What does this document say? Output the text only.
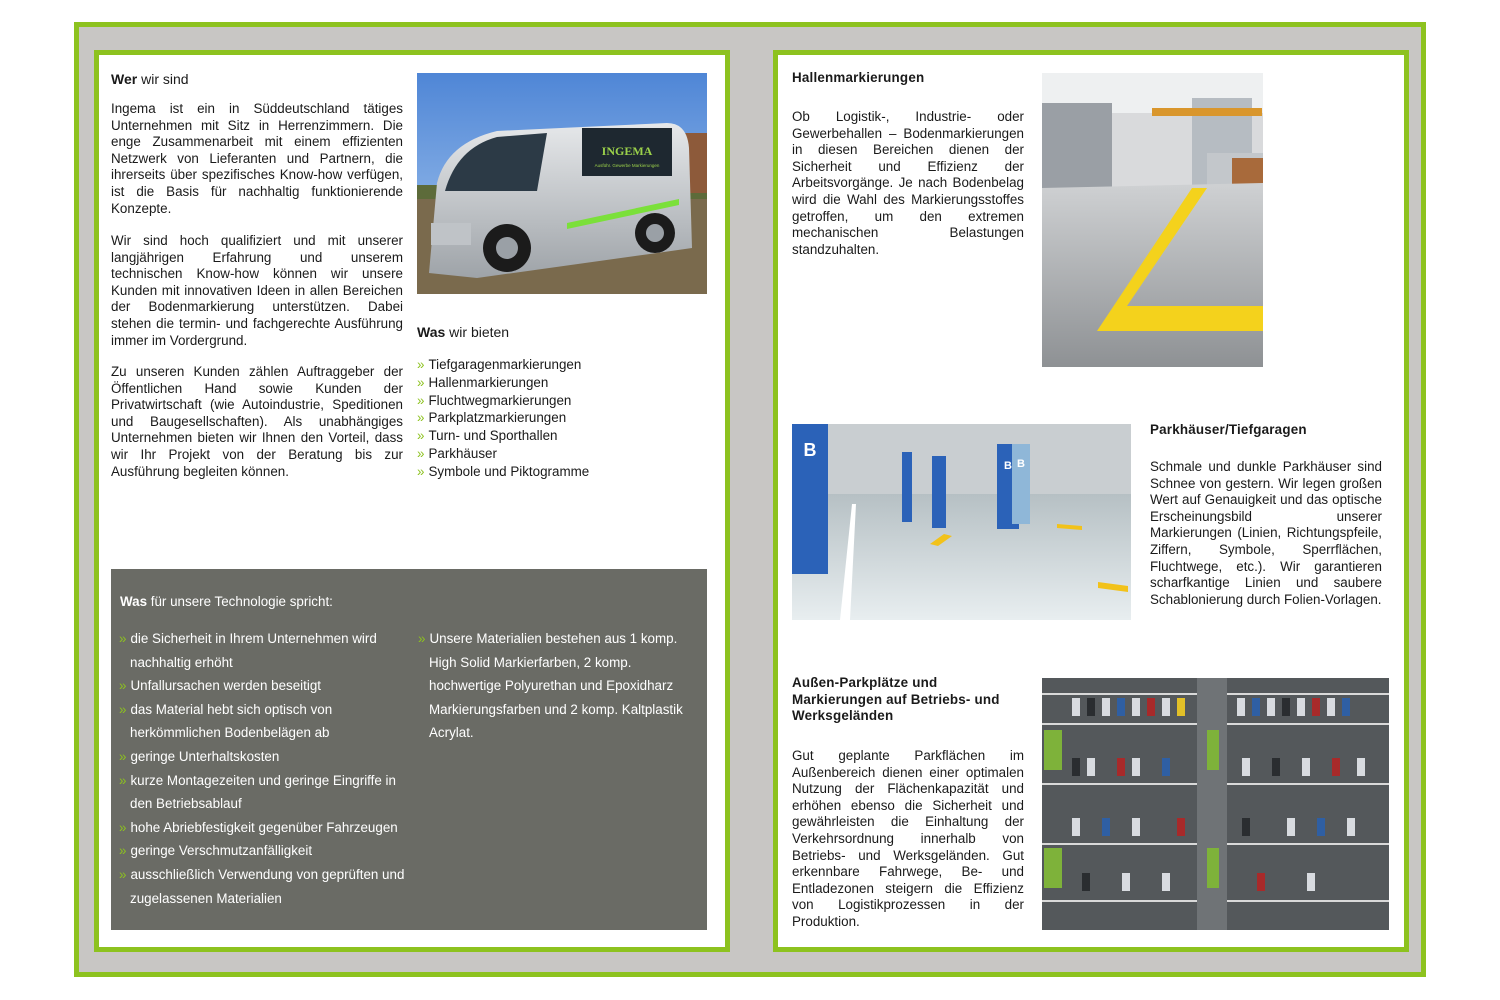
Wer wir sind

Ingema ist ein in Süddeutschland tätiges Unternehmen mit Sitz in Herrenzimmern. Die enge Zusammenarbeit mit einem effizienten Netzwerk von Lieferanten und Partnern, die ihrerseits über spezifisches Know-how verfügen, ist die Basis für nachhaltig funktionierende Konzepte.

Wir sind hoch qualifiziert und mit unserer langjährigen Erfahrung und unserem technischen Know-how können wir unsere Kunden mit innovativen Ideen in allen Bereichen der Bodenmarkierung unterstützen. Dabei stehen die termin- und fachgerechte Ausführung immer im Vordergrund.

Zu unseren Kunden zählen Auftraggeber der Öffentlichen Hand sowie Kunden der Privatwirtschaft (wie Autoindustrie, Speditionen und Baugesellschaften). Als unabhängiges Unternehmen bieten wir Ihnen den Vorteil, dass wir Ihr Projekt von der Beratung bis zur Ausführung begleiten können.

INGEMA
Ausführ. Gewerbe Markierungen

Was wir bieten

» Tiefgaragenmarkierungen
» Hallenmarkierungen
» Fluchtwegmarkierungen
» Parkplatzmarkierungen
» Turn- und Sporthallen
» Parkhäuser
» Symbole und Piktogramme

Was für unsere Technologie spricht:

» die Sicherheit in Ihrem Unternehmen wird nachhaltig erhöht
» Unfallursachen werden beseitigt
» das Material hebt sich optisch von herkömmlichen Bodenbelägen ab
» geringe Unterhaltskosten
» kurze Montagezeiten und geringe Eingriffe in den Betriebsablauf
» hohe Abriebfestigkeit gegenüber Fahrzeugen
» geringe Verschmutzanfälligkeit
» ausschließlich Verwendung von geprüften und zugelassenen Materialien
» Unsere Materialien bestehen aus 1 komp. High Solid Markierfarben, 2 komp. hochwertige Polyurethan und Epoxidharz Markierungsfarben und 2 komp. Kaltplastik Acrylat.

Hallenmarkierungen

Ob Logistik-, Industrie- oder Gewerbehallen – Bodenmarkierungen in diesen Bereichen dienen der Sicherheit und Effizienz der Arbeitsvorgänge. Je nach Bodenbelag wird die Wahl des Markierungsstoffes getroffen, um den extremen mechanischen Belastungen standzuhalten.

B
B B

Parkhäuser/Tiefgaragen

Schmale und dunkle Parkhäuser sind Schnee von gestern. Wir legen großen Wert auf Genauigkeit und das optische Erscheinungsbild unserer Markierungen (Linien, Richtungspfeile, Ziffern, Symbole, Sperrflächen, Fluchtwege, etc.). Wir garantieren scharfkantige Linien und saubere Schablonierung durch Folien-Vorlagen.

Außen-Parkplätze und Markierungen auf Betriebs- und Werksgeländen

Gut geplante Parkflächen im Außenbereich dienen einer optimalen Nutzung der Flächenkapazität und erhöhen ebenso die Sicherheit und gewährleisten die Einhaltung der Verkehrsordnung innerhalb von Betriebs- und Werksgeländen. Gut erkennbare Fahrwege, Be- und Entladezonen steigern die Effizienz von Logistikprozessen in der Produktion.
